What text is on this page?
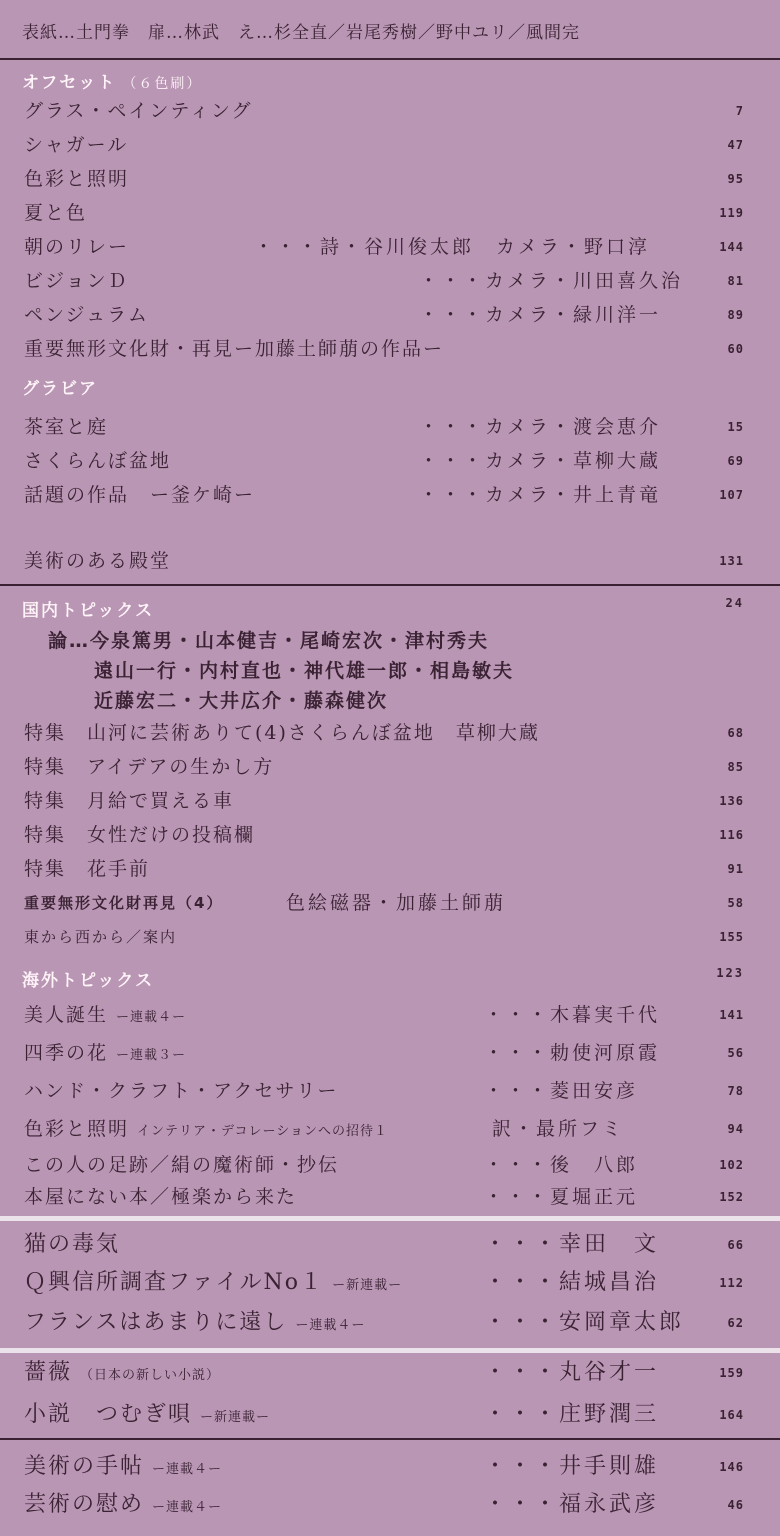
表紙…土門拳　扉…林武　え…杉全直／岩尾秀樹／野中ユリ／風間完
オフセット （６色刷）
グラス・ペインティング	7
シャガール	47
色彩と照明	95
夏と色	119
朝のリレー	・・・詩・谷川俊太郎　カメラ・野口淳	144
ビジョンＤ	・・・カメラ・川田喜久治	81
ペンジュラム	・・・カメラ・緑川洋一	89
重要無形文化財・再見ー加藤土師萠の作品ー	60
グラビア
茶室と庭	・・・カメラ・渡会恵介	15
さくらんぼ盆地	・・・カメラ・草柳大蔵	69
話題の作品　ー釜ケ崎ー	・・・カメラ・井上青竜	107
美術のある殿堂	131
国内トピックス	24
論…今泉篤男・山本健吉・尾崎宏次・津村秀夫
遠山一行・内村直也・神代雄一郎・相島敏夫
近藤宏二・大井広介・藤森健次
特集　山河に芸術ありて(4)さくらんぼ盆地　草柳大蔵	68
特集　アイデアの生かし方	85
特集　月給で買える車	136
特集　女性だけの投稿欄	116
特集　花手前	91
重要無形文化財再見（4）	色絵磁器・加藤土師萠	58
東から西から／案内	155
海外トピックス	123
美人誕生 ー連載４ー	・・・木暮実千代	141
四季の花 ー連載３ー	・・・勅使河原霞	56
ハンド・クラフト・アクセサリー	・・・菱田安彦	78
色彩と照明 インテリア・デコレーションへの招待１	訳・最所フミ	94
この人の足跡／絹の魔術師・抄伝	・・・後　八郎	102
本屋にない本／極楽から来た	・・・夏堀正元	152
猫の毒気	・・・幸田　文	66
Ｑ興信所調査ファイルNo１ ー新連載ー	・・・結城昌治	112
フランスはあまりに遠し ー連載４ー	・・・安岡章太郎	62
薔薇 （日本の新しい小説）	・・・丸谷才一	159
小説　つむぎ唄 ー新連載ー	・・・庄野潤三	164
美術の手帖 ー連載４ー	・・・井手則雄	146
芸術の慰め ー連載４ー	・・・福永武彦	46
